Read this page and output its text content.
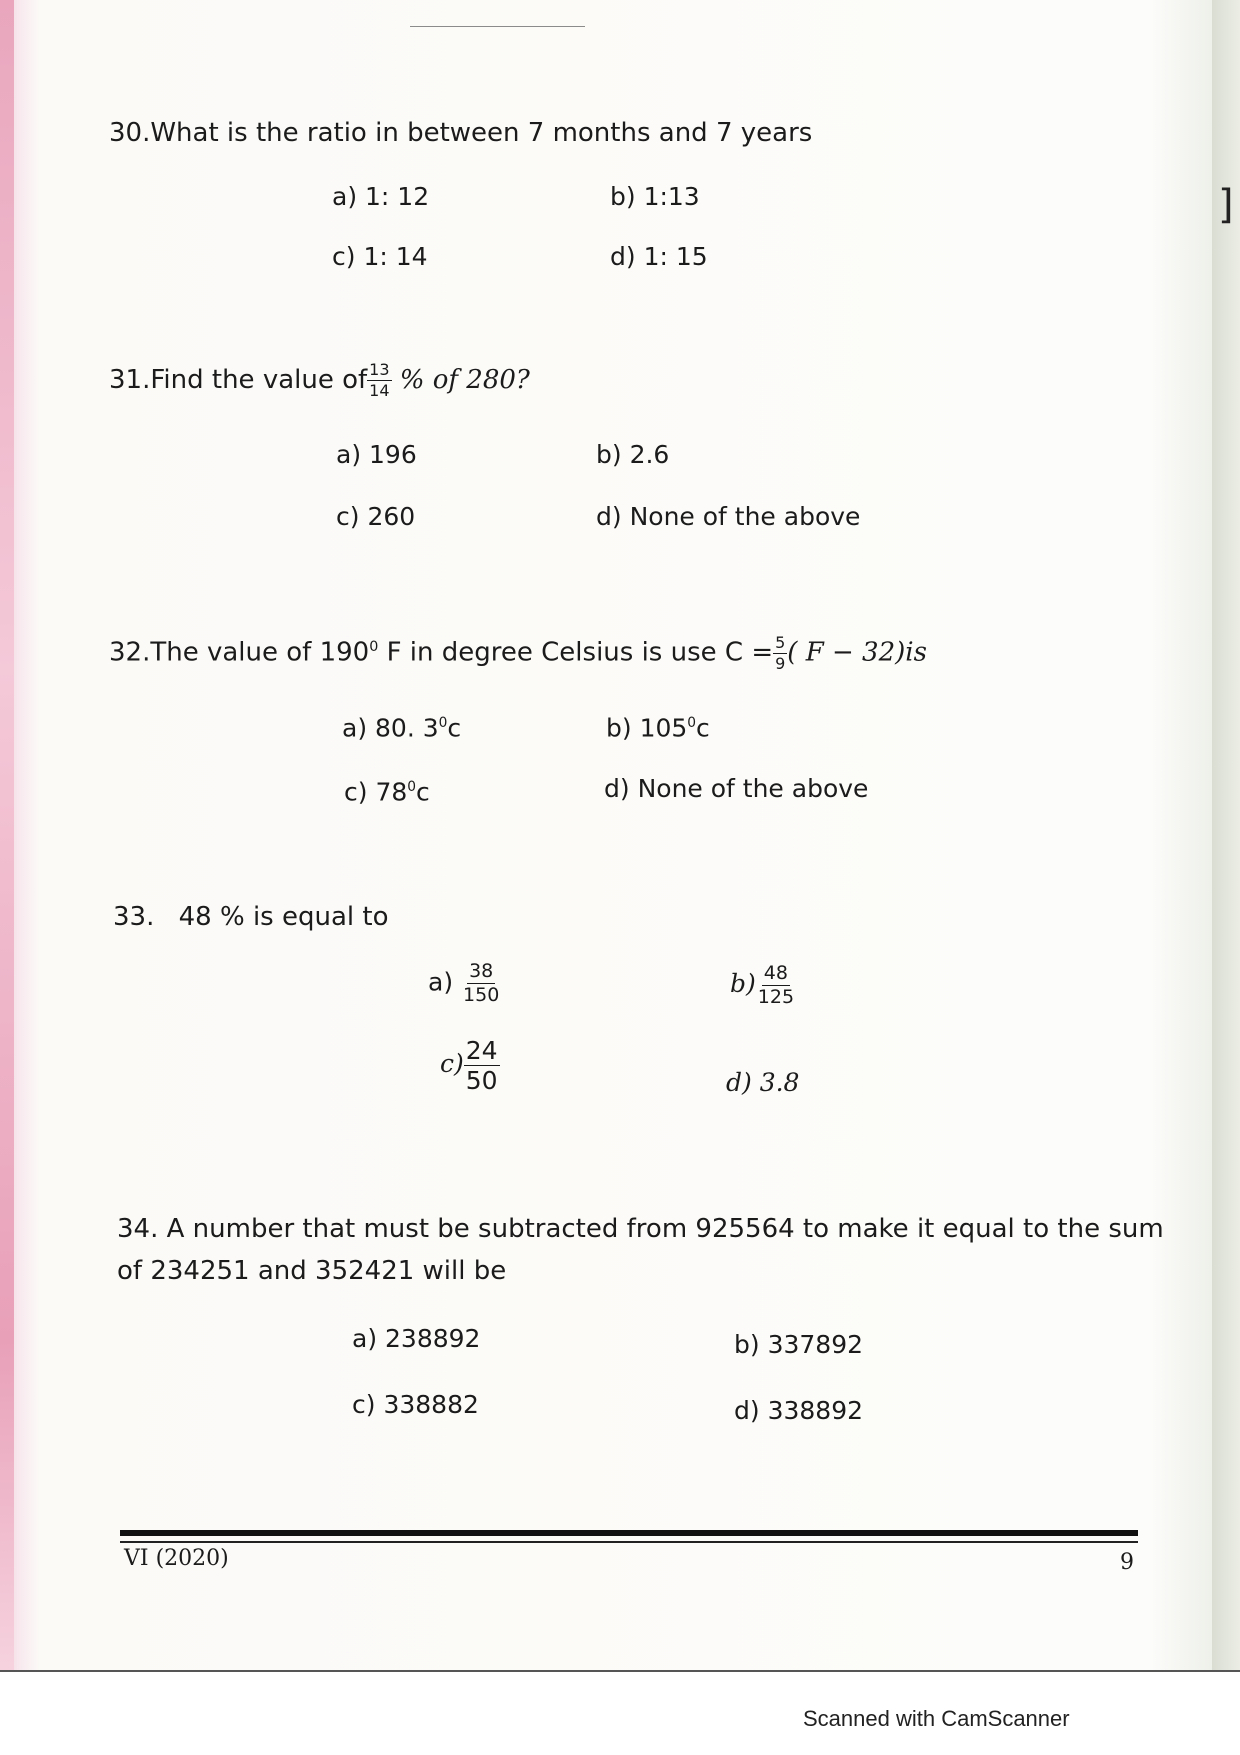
]
30.What is the ratio in between 7 months and 7 years
a) 1: 12	b) 1:13
c) 1: 14	d) 1: 15
31.Find the value of $\frac{13}{14}$ % of 280?
a) 196	b) 2.6
c) 260	d) None of the above
32.The value of $190^0$ F in degree Celsius is use $C = \frac{5}{9}$ ( F − 32)is
a) 80. $3^0c$	b) $105^0c$
c) $78^0c$	d) None of the above
33. 48 % is equal to
$a) \frac{38}{150}$	$b) \frac{48}{125}$
$c) \frac{24}{50}$	d) 3.8
34. A number that must be subtracted from 925564 to make it equal to the sum
of 234251 and 352421 will be
a) 238892	b) 337892
c) 338882	d) 338892
VI (2020)	9
Scanned with CamScanner
